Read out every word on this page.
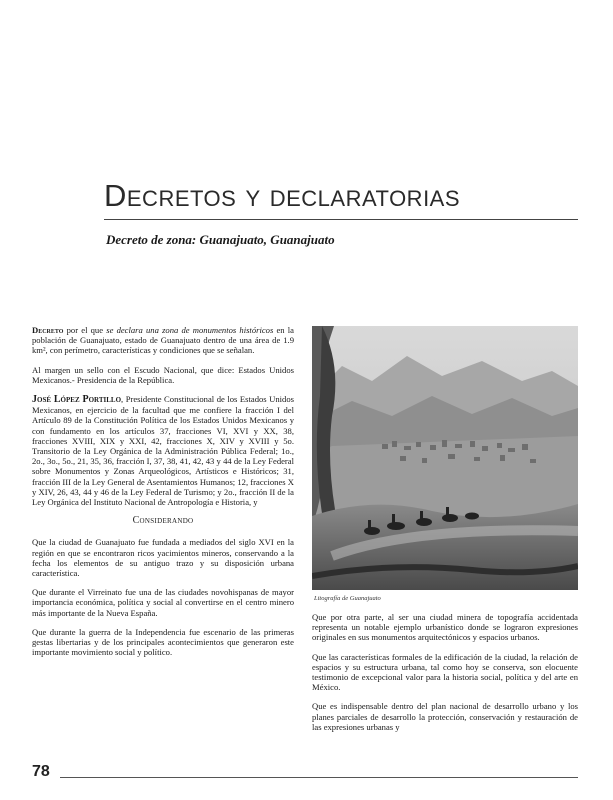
Decretos y declaratorias
Decreto de zona: Guanajuato, Guanajuato

Decreto por el que se declara una zona de monumentos históricos en la población de Guanajuato, estado de Guanajuato dentro de una área de 1.9 km², con perímetro, características y condiciones que se señalan.

Al margen un sello con el Escudo Nacional, que dice: Estados Unidos Mexicanos.- Presidencia de la República.

José López Portillo, Presidente Constitucional de los Estados Unidos Mexicanos, en ejercicio de la facultad que me confiere la fracción I del Artículo 89 de la Constitución Política de los Estados Unidos Mexicanos y con fundamento en los artículos 37, fracciones VI, XVI y XX, 38, fracciones XVIII, XIX y XXI, 42, fracciones X, XIV y XVIII y 5o. Transitorio de la Ley Orgánica de la Administración Pública Federal; 1o., 2o., 3o., 5o., 21, 35, 36, fracción I, 37, 38, 41, 42, 43 y 44 de la Ley Federal sobre Monumentos y Zonas Arqueológicos, Artísticos e Históricos; 31, fracción III de la Ley General de Asentamientos Humanos; 12, fracciones X y XIV, 26, 43, 44 y 46 de la Ley Federal de Turismo; y 2o., fracción II de la Ley Orgánica del Instituto Nacional de Antropología e Historia, y

Considerando

Que la ciudad de Guanajuato fue fundada a mediados del siglo XVI en la región en que se encontraron ricos yacimientos mineros, conservando a la fecha los elementos de su antiguo trazo y su disposición urbana característica.

Que durante el Virreinato fue una de las ciudades novohispanas de mayor importancia económica, política y social al convertirse en el centro minero más importante de la Nueva España.

Que durante la guerra de la Independencia fue escenario de las primeras gestas libertarias y de los principales acontecimientos que generaron este importante movimiento social y político.

Litografía de Guanajuato

Que por otra parte, al ser una ciudad minera de topografía accidentada representa un notable ejemplo urbanístico donde se lograron expresiones originales en sus monumentos arquitectónicos y espacios urbanos.

Que las características formales de la edificación de la ciudad, la relación de espacios y su estructura urbana, tal como hoy se conserva, son elocuente testimonio de excepcional valor para la historia social, política y del arte en México.

Que es indispensable dentro del plan nacional de desarrollo urbano y los planes parciales de desarrollo la protección, conservación y restauración de las expresiones urbanas y

78
